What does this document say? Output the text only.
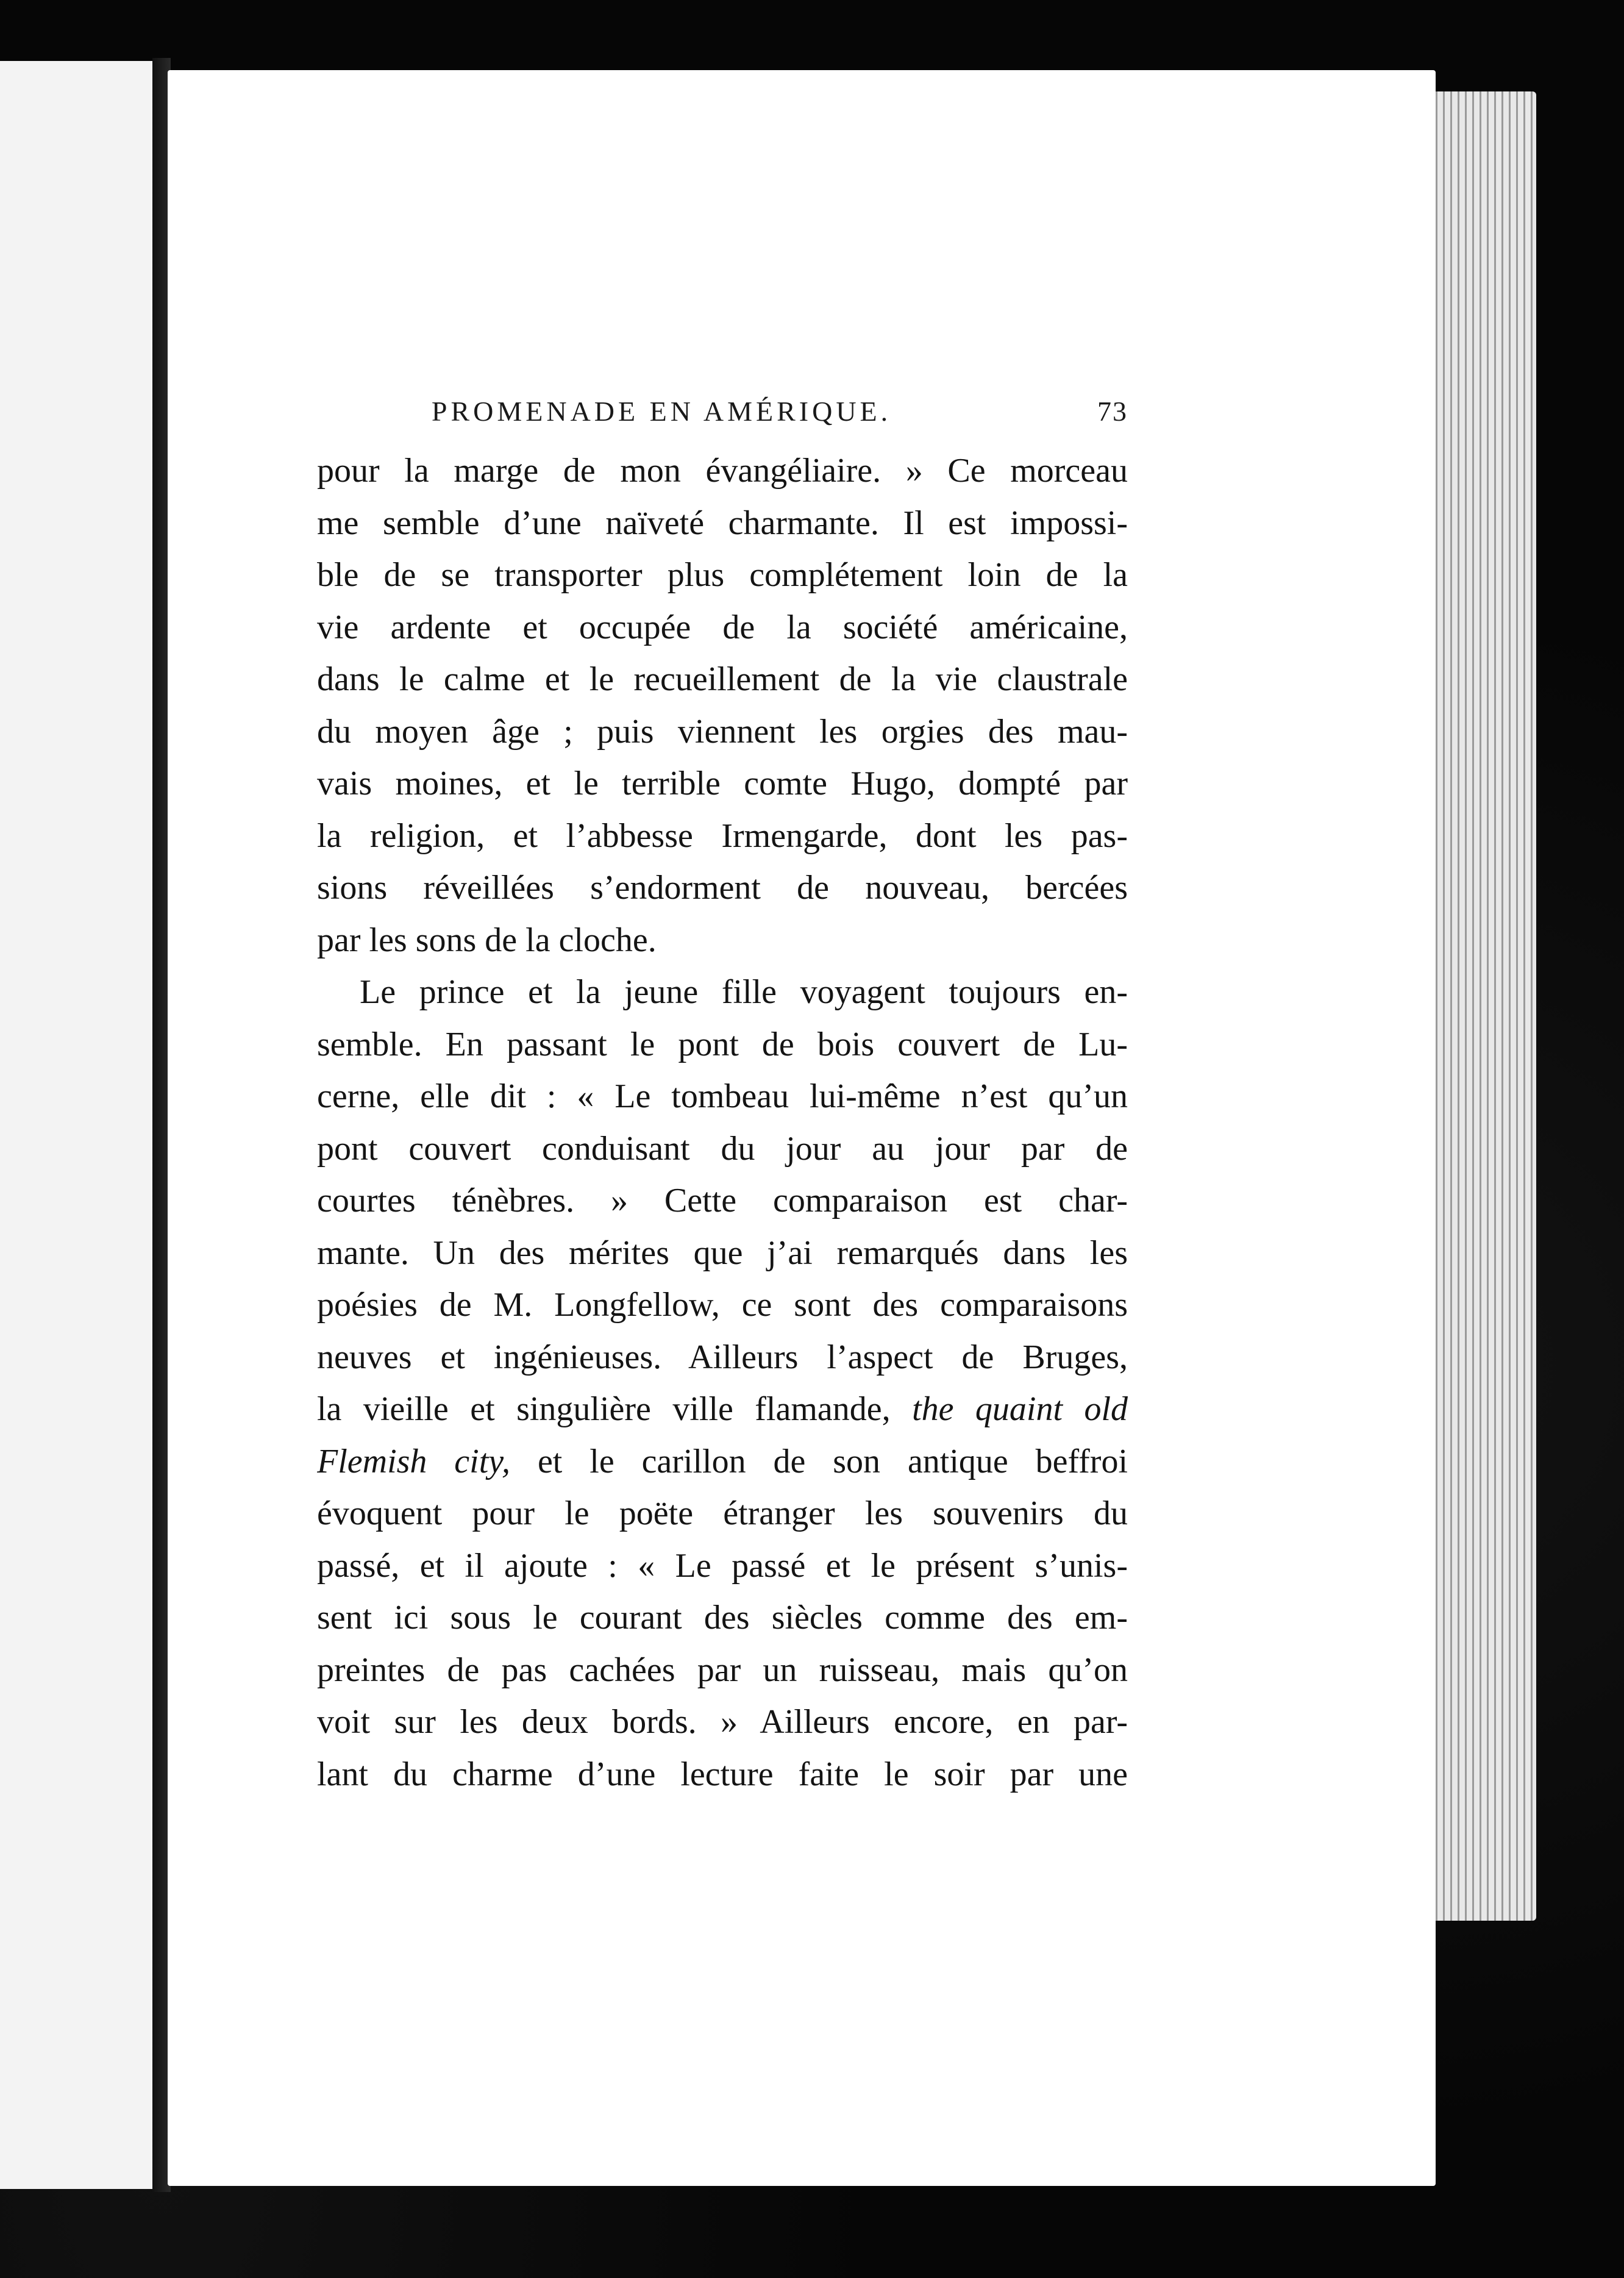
PROMENADE EN AMÉRIQUE.	73
pour la marge de mon évangéliaire. » Ce morceau
me semble d’une naïveté charmante. Il est impossi-
ble de se transporter plus complétement loin de la
vie ardente et occupée de la société américaine,
dans le calme et le recueillement de la vie claustrale
du moyen âge ; puis viennent les orgies des mau-
vais moines, et le terrible comte Hugo, dompté par
la religion, et l’abbesse Irmengarde, dont les pas-
sions réveillées s’endorment de nouveau, bercées
par les sons de la cloche.
Le prince et la jeune fille voyagent toujours en-
semble. En passant le pont de bois couvert de Lu-
cerne, elle dit : « Le tombeau lui-même n’est qu’un
pont couvert conduisant du jour au jour par de
courtes ténèbres. » Cette comparaison est char-
mante. Un des mérites que j’ai remarqués dans les
poésies de M. Longfellow, ce sont des comparaisons
neuves et ingénieuses. Ailleurs l’aspect de Bruges,
la vieille et singulière ville flamande, the quaint old
Flemish city, et le carillon de son antique beffroi
évoquent pour le poëte étranger les souvenirs du
passé, et il ajoute : « Le passé et le présent s’unis-
sent ici sous le courant des siècles comme des em-
preintes de pas cachées par un ruisseau, mais qu’on
voit sur les deux bords. » Ailleurs encore, en par-
lant du charme d’une lecture faite le soir par une
